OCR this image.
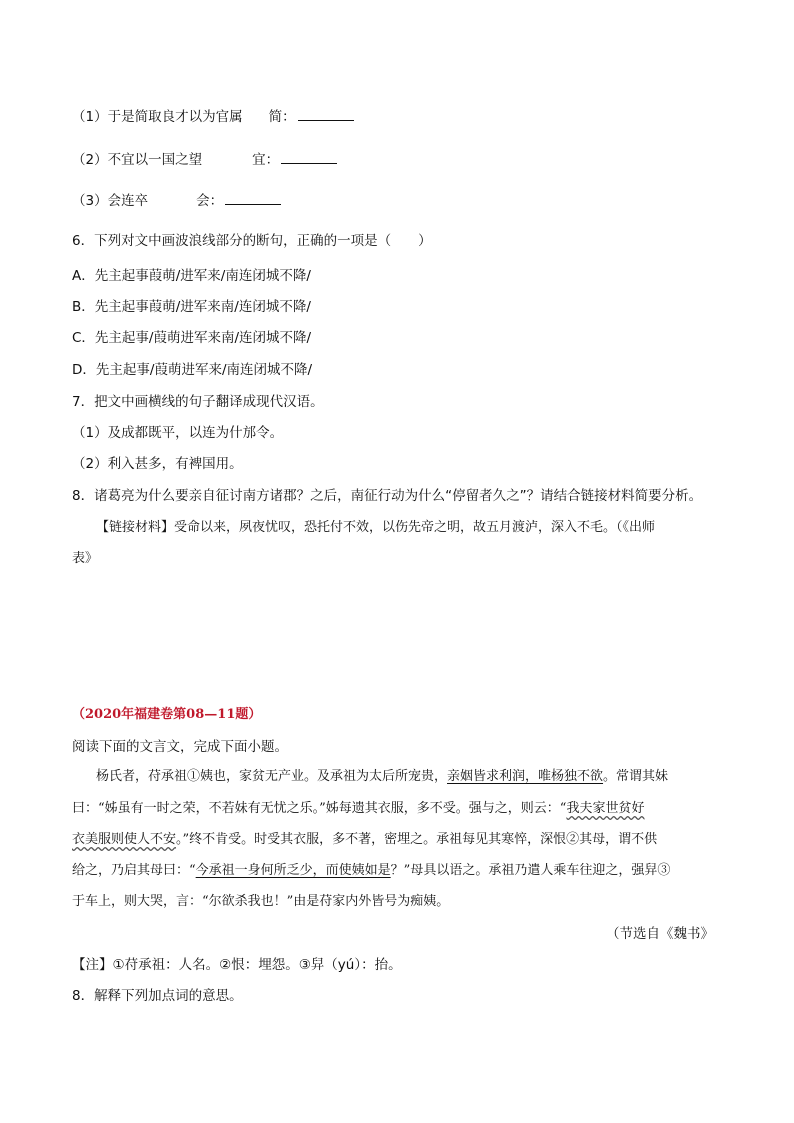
（1）于是简取良才以为官属 简：
（2）不宜以一国之望	宜：
（3）会连卒	会：
6．下列对文中画波浪线部分的断句，正确的一项是（　　）
A．先主起事葭萌/进军来/南连闭城不降/
B．先主起事葭萌/进军来南/连闭城不降/
C．先主起事/葭萌进军来南/连闭城不降/
D．先主起事/葭萌进军来/南连闭城不降/
7．把文中画横线的句子翻译成现代汉语。
（1）及成都既平，以连为什邡令。
（2）利入甚多，有裨国用。
8．诸葛亮为什么要亲自征讨南方诸郡？之后，南征行动为什么“停留者久之”？请结合链接材料简要分析。
【链接材料】受命以来，夙夜忧叹，恐托付不效，以伤先帝之明，故五月渡泸，深入不毛。（《出师
表》
（2020年福建卷第08—11题）
阅读下面的文言文，完成下面小题。
杨氏者，苻承祖①姨也，家贫无产业。及承祖为太后所宠贵，亲姻皆求利润，唯杨独不欲。常谓其妹
曰：“姊虽有一时之荣，不若妹有无忧之乐。”姊每遗其衣服，多不受。强与之，则云：“我夫家世贫好
衣美服则使人不安。”终不肯受。时受其衣服，多不著，密埋之。承祖每见其寒悴，深恨②其母，谓不供
给之，乃启其母曰：“今承祖一身何所乏少，而使姨如是？”母具以语之。承祖乃遣人乘车往迎之，强舁③
于车上，则大哭，言：“尔欲杀我也！”由是苻家内外皆号为痴姨。
（节选自《魏书》
【注】①苻承祖：人名。②恨：埋怨。③舁（yú）：抬。
8．解释下列加点词的意思。
